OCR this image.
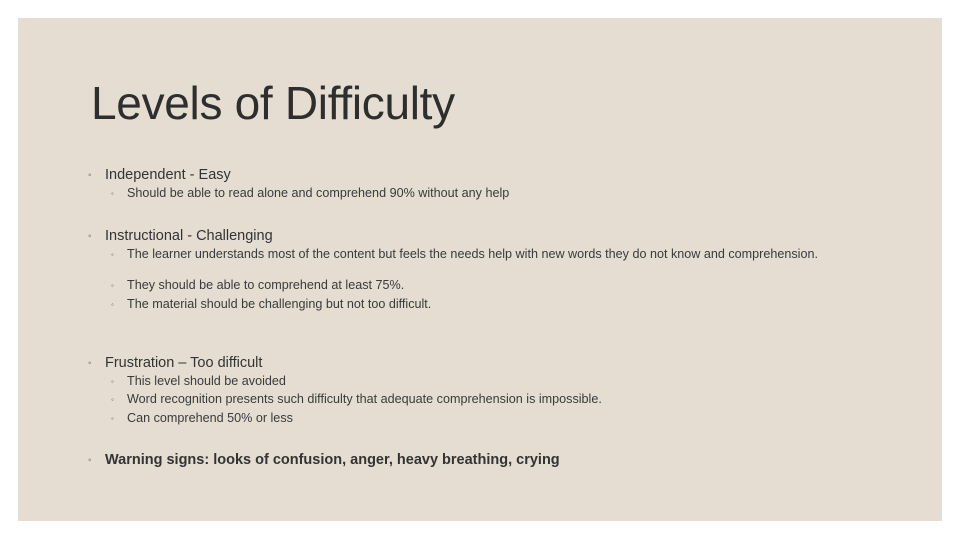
Levels of Difficulty
◦ Independent - Easy
◦ Should be able to read alone and comprehend 90% without any help
◦ Instructional - Challenging
◦ The learner understands most of the content but feels the needs help with new words they do not know and comprehension.
◦ They should be able to comprehend at least 75%.
◦ The material should be challenging but not too difficult.
◦ Frustration – Too difficult
◦ This level should be avoided
◦ Word recognition presents such difficulty that adequate comprehension is impossible.
◦ Can comprehend 50% or less
◦ Warning signs: looks of confusion, anger, heavy breathing, crying
